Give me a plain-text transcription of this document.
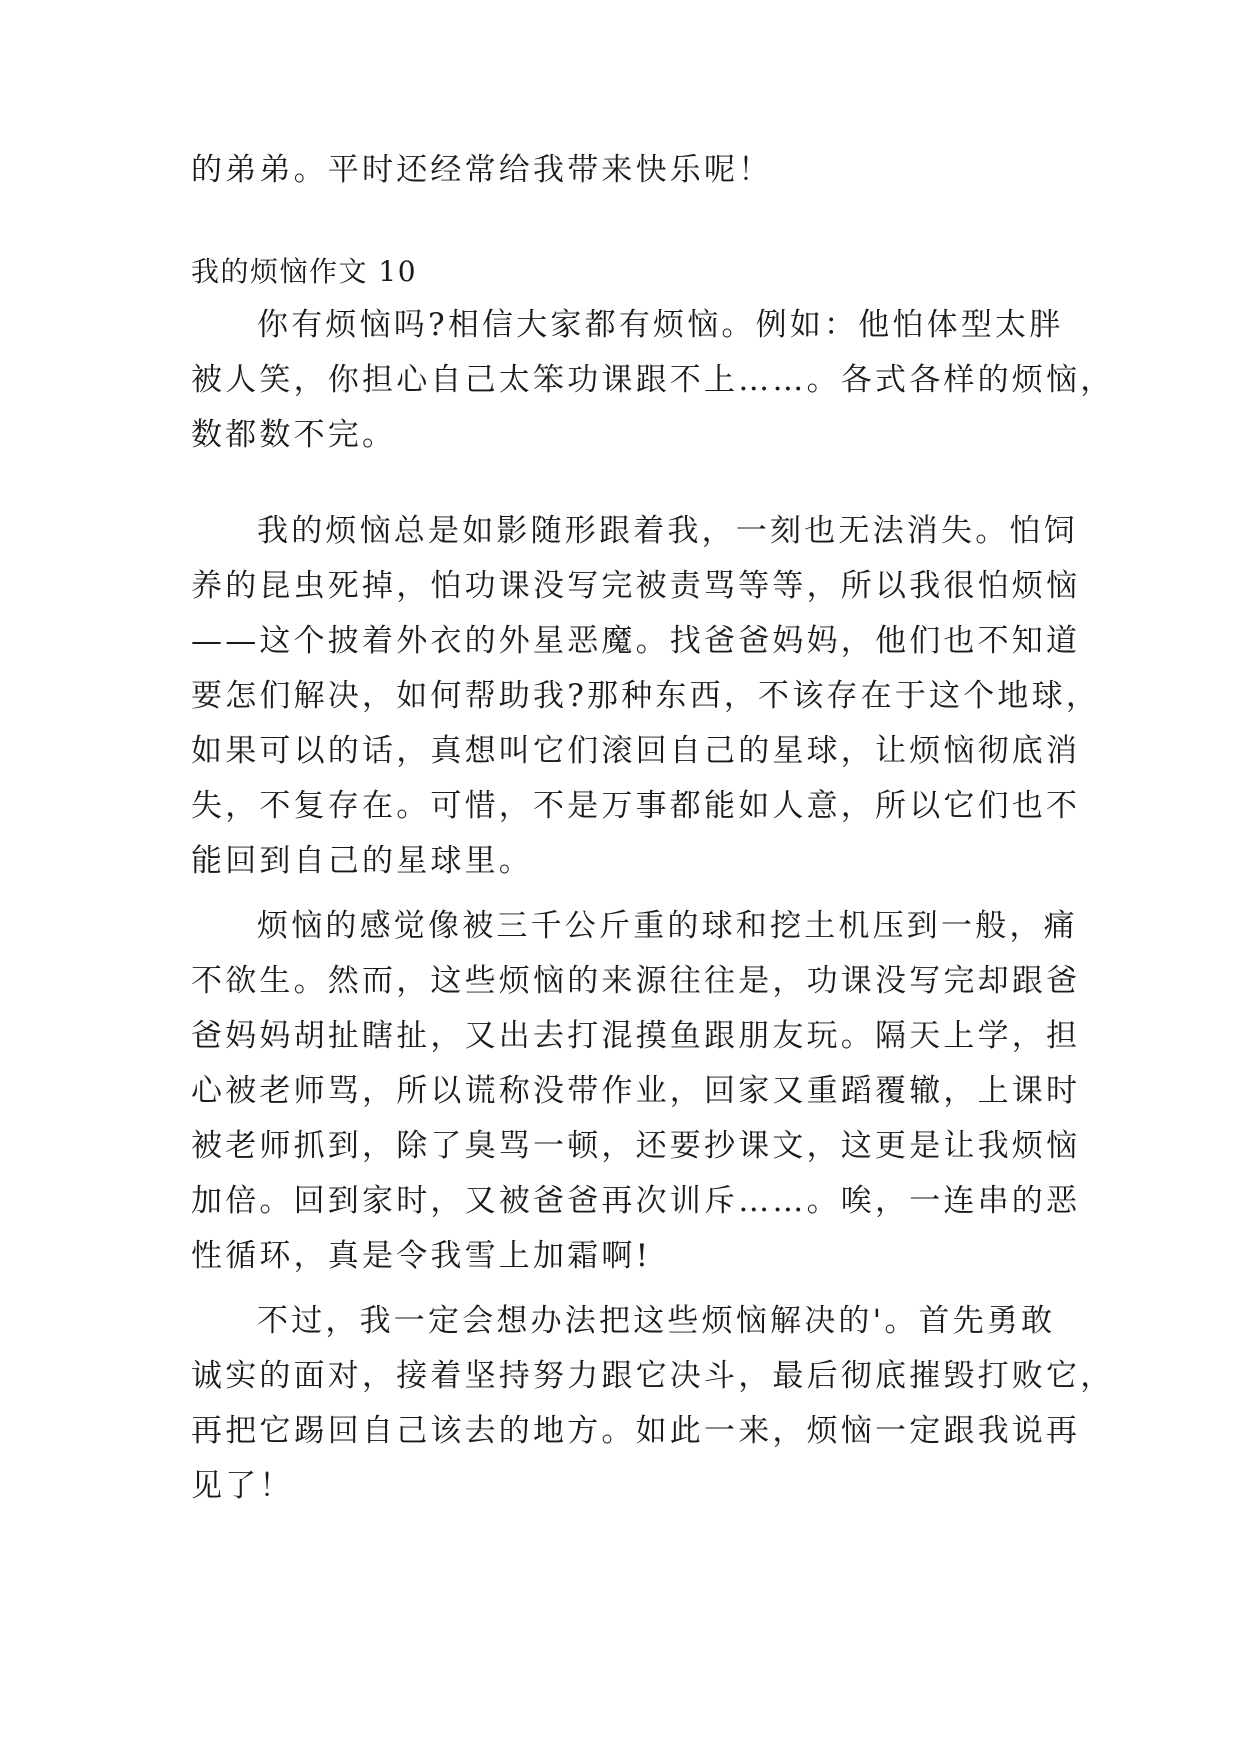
的弟弟。平时还经常给我带来快乐呢！
我的烦恼作文 10
你有烦恼吗?相信大家都有烦恼。例如：他怕体型太胖
被人笑，你担心自己太笨功课跟不上……。各式各样的烦恼，
数都数不完。
我的烦恼总是如影随形跟着我，一刻也无法消失。怕饲
养的昆虫死掉，怕功课没写完被责骂等等，所以我很怕烦恼
——这个披着外衣的外星恶魔。找爸爸妈妈，他们也不知道
要怎们解决，如何帮助我?那种东西，不该存在于这个地球，
如果可以的话，真想叫它们滚回自己的星球，让烦恼彻底消
失，不复存在。可惜，不是万事都能如人意，所以它们也不
能回到自己的星球里。
烦恼的感觉像被三千公斤重的球和挖土机压到一般，痛
不欲生。然而，这些烦恼的来源往往是，功课没写完却跟爸
爸妈妈胡扯瞎扯，又出去打混摸鱼跟朋友玩。隔天上学，担
心被老师骂，所以谎称没带作业，回家又重蹈覆辙，上课时
被老师抓到，除了臭骂一顿，还要抄课文，这更是让我烦恼
加倍。回到家时，又被爸爸再次训斥……。唉，一连串的恶
性循环，真是令我雪上加霜啊!
不过，我一定会想办法把这些烦恼解决的'。首先勇敢
诚实的面对，接着坚持努力跟它决斗，最后彻底摧毁打败它，
再把它踢回自己该去的地方。如此一来，烦恼一定跟我说再
见了！
